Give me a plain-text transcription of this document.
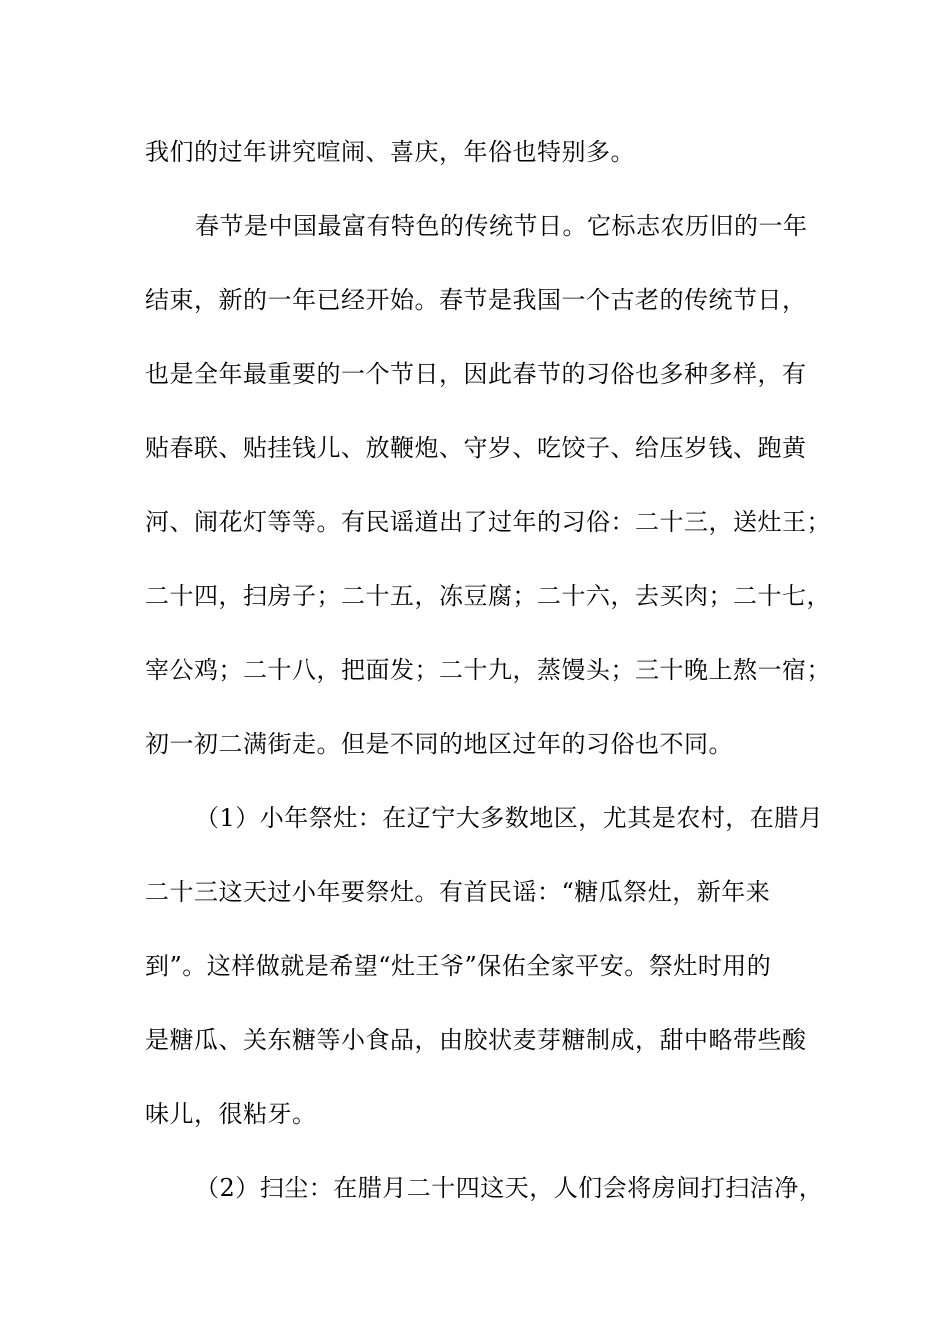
我们的过年讲究喧闹、喜庆，年俗也特别多。
春节是中国最富有特色的传统节日。它标志农历旧的一年
结束，新的一年已经开始。春节是我国一个古老的传统节日，
也是全年最重要的一个节日，因此春节的习俗也多种多样，有
贴春联、贴挂钱儿、放鞭炮、守岁、吃饺子、给压岁钱、跑黄
河、闹花灯等等。有民谣道出了过年的习俗：二十三，送灶王；
二十四，扫房子；二十五，冻豆腐；二十六，去买肉；二十七，
宰公鸡；二十八，把面发；二十九，蒸馒头；三十晚上熬一宿；
初一初二满街走。但是不同的地区过年的习俗也不同。
（1）小年祭灶：在辽宁大多数地区，尤其是农村，在腊月
二十三这天过小年要祭灶。有首民谣：“糖瓜祭灶，新年来
到”。这样做就是希望“灶王爷”保佑全家平安。祭灶时用的
是糖瓜、关东糖等小食品，由胶状麦芽糖制成，甜中略带些酸
味儿，很粘牙。
（2）扫尘：在腊月二十四这天，人们会将房间打扫洁净，
